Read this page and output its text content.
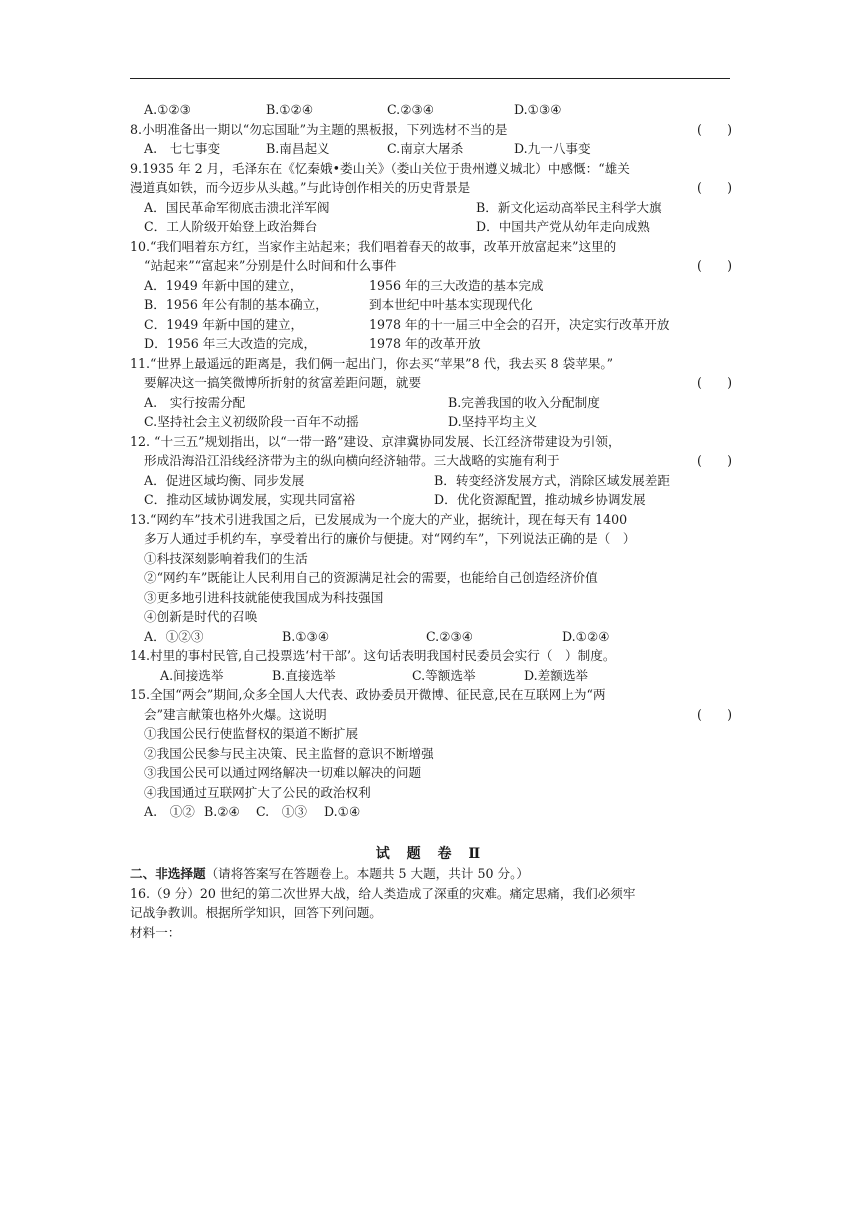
A.①②③	B.①②④	C.②③④	D.①③④
8.小明准备出一期以“勿忘国耻”为主题的黑板报，下列选材不当的是	(　　)
A.　七七事变	B.南昌起义	C.南京大屠杀	D.九一八事变
9.1935 年 2 月，毛泽东在《忆秦娥•娄山关》（娄山关位于贵州遵义城北）中感慨：“雄关
漫道真如铁，而今迈步从头越。”与此诗创作相关的历史背景是	(　　)
A．国民革命军彻底击溃北洋军阀	B．新文化运动高举民主科学大旗
C．工人阶级开始登上政治舞台	D．中国共产党从幼年走向成熟
10.“我们唱着东方红，当家作主站起来；我们唱着春天的故事，改革开放富起来”这里的
“站起来”“富起来”分别是什么时间和什么事件	(　　)
A．1949 年新中国的建立，	1956 年的三大改造的基本完成
B．1956 年公有制的基本确立，	到本世纪中叶基本实现现代化
C．1949 年新中国的建立，	1978 年的十一届三中全会的召开，决定实行改革开放
D．1956 年三大改造的完成，	1978 年的改革开放
11.“世界上最遥远的距离是，我们俩一起出门，你去买“苹果”8 代，我去买 8 袋苹果。”
要解决这一搞笑微博所折射的贫富差距问题，就要	(　　)
A.　实行按需分配	B.完善我国的收入分配制度
C.坚持社会主义初级阶段一百年不动摇	D.坚持平均主义
12. “十三五”规划指出，以“一带一路”建设、京津冀协同发展、长江经济带建设为引领，
形成沿海沿江沿线经济带为主的纵向横向经济轴带。三大战略的实施有利于	(　　)
A．促进区域均衡、同步发展	B．转变经济发展方式，消除区域发展差距
C．推动区域协调发展，实现共同富裕	D．优化资源配置，推动城乡协调发展
13.“网约车”技术引进我国之后，已发展成为一个庞大的产业，据统计，现在每天有 1400
多万人通过手机约车，享受着出行的廉价与便捷。对“网约车”，下列说法正确的是（　）
①科技深刻影响着我们的生活
②“网约车”既能让人民利用自己的资源满足社会的需要，也能给自己创造经济价值
③更多地引进科技就能使我国成为科技强国
④创新是时代的召唤
A．①②③	B.①③④	C.②③④	D.①②④
14.村里的事村民管,自己投票选‘村干部’。这句话表明我国村民委员会实行（　）制度。
A.间接选举	B.直接选举	C.等额选举	D.差额选举
15.全国“两会”期间,众多全国人大代表、政协委员开微博、征民意,民在互联网上为“两
会”建言献策也格外火爆。这说明	(　　)
①我国公民行使监督权的渠道不断扩展
②我国公民参与民主决策、民主监督的意识不断增强
③我国公民可以通过网络解决一切难以解决的问题
④我国通过互联网扩大了公民的政治权利
A.　①② B.②④ C.　①③ D.①④
试 题 卷 Ⅱ
二、非选择题（请将答案写在答题卷上。本题共 5 大题，共计 50 分。）
16.（9 分）20 世纪的第二次世界大战，给人类造成了深重的灾难。痛定思痛，我们必须牢
记战争教训。根据所学知识，回答下列问题。
材料一：
